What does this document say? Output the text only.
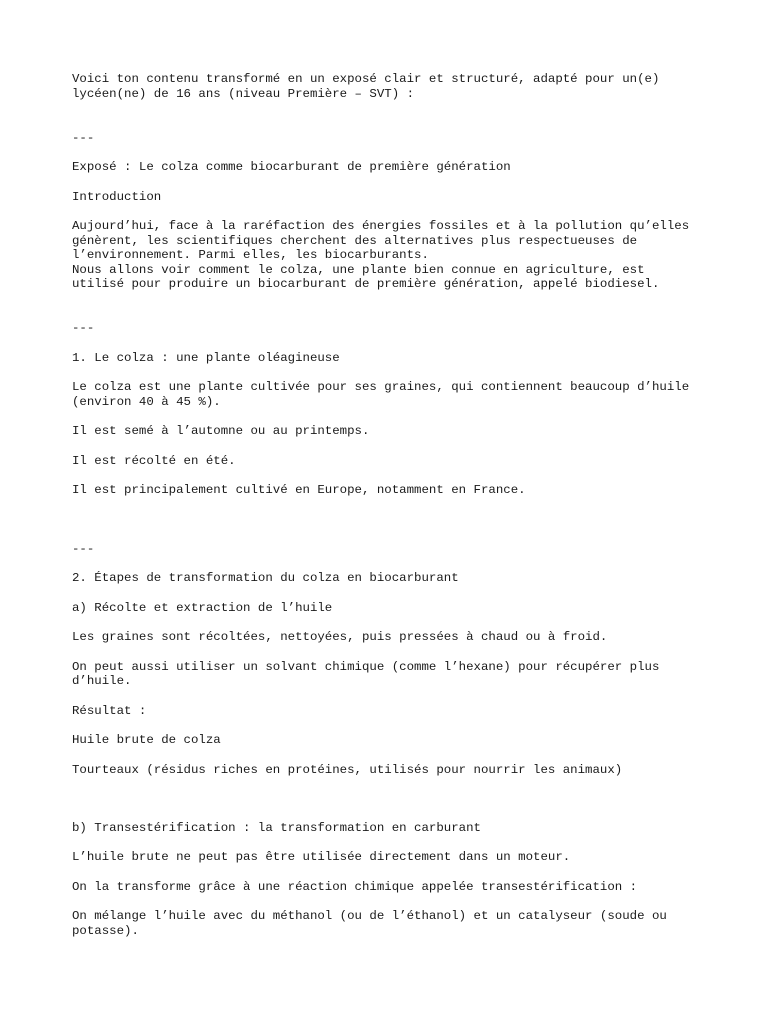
Voici ton contenu transformé en un exposé clair et structuré, adapté pour un(e)

lycéen(ne) de 16 ans (niveau Première – SVT) :

---

Exposé : Le colza comme biocarburant de première génération

Introduction

Aujourd’hui, face à la raréfaction des énergies fossiles et à la pollution qu’elles

génèrent, les scientifiques cherchent des alternatives plus respectueuses de

l’environnement. Parmi elles, les biocarburants.

Nous allons voir comment le colza, une plante bien connue en agriculture, est

utilisé pour produire un biocarburant de première génération, appelé biodiesel.

---

1. Le colza : une plante oléagineuse

Le colza est une plante cultivée pour ses graines, qui contiennent beaucoup d’huile

(environ 40 à 45 %).

Il est semé à l’automne ou au printemps.

Il est récolté en été.

Il est principalement cultivé en Europe, notamment en France.

---

2. Étapes de transformation du colza en biocarburant

a) Récolte et extraction de l’huile

Les graines sont récoltées, nettoyées, puis pressées à chaud ou à froid.

On peut aussi utiliser un solvant chimique (comme l’hexane) pour récupérer plus

d’huile.

Résultat :

Huile brute de colza

Tourteaux (résidus riches en protéines, utilisés pour nourrir les animaux)

b) Transestérification : la transformation en carburant

L’huile brute ne peut pas être utilisée directement dans un moteur.

On la transforme grâce à une réaction chimique appelée transestérification :

On mélange l’huile avec du méthanol (ou de l’éthanol) et un catalyseur (soude ou

potasse).
